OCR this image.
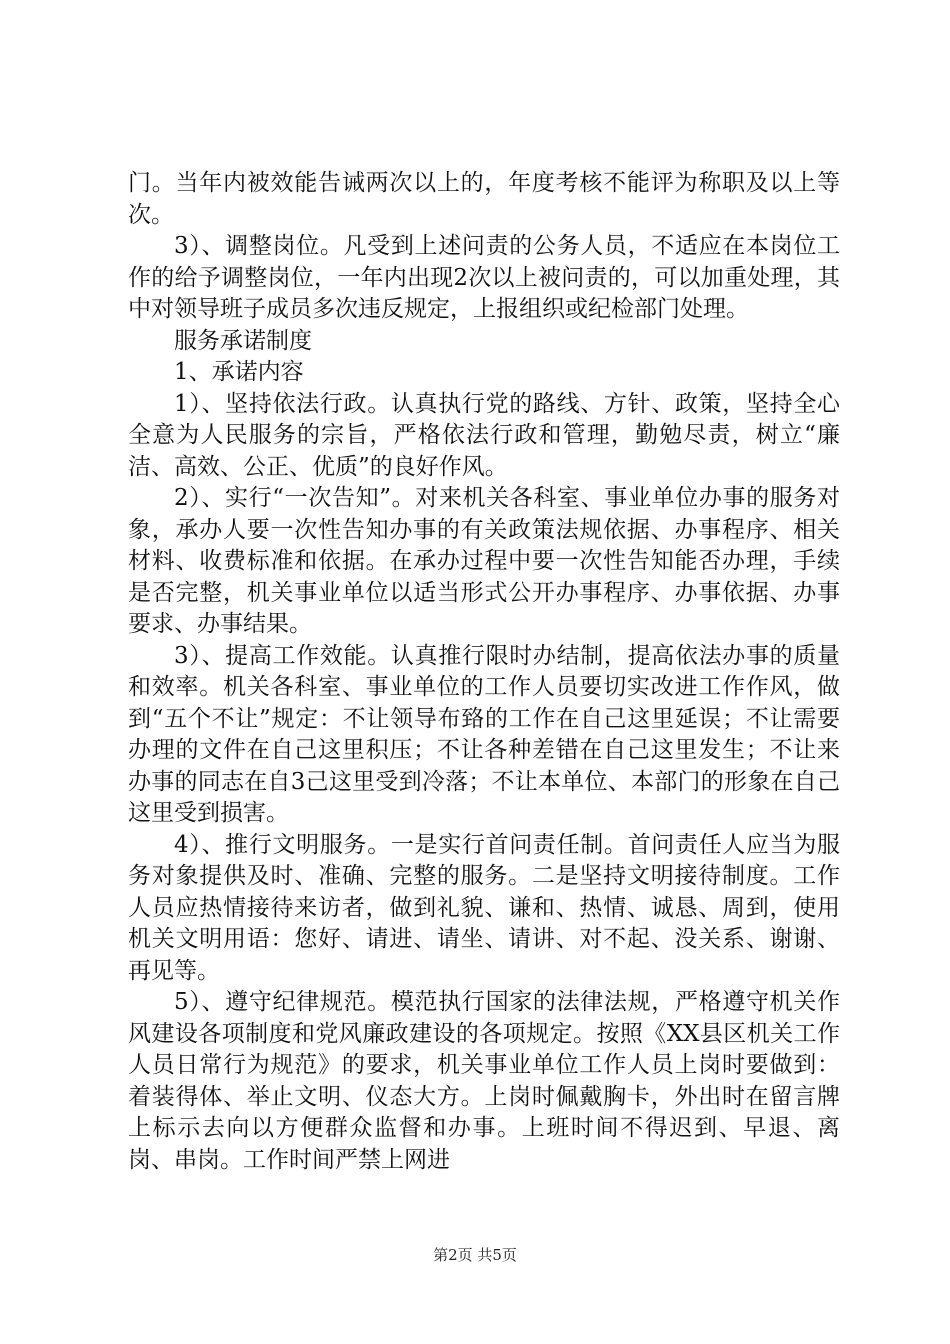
门。当年内被效能告诫两次以上的，年度考核不能评为称职及以上等次。

3）、调整岗位。凡受到上述问责的公务人员，不适应在本岗位工作的给予调整岗位，一年内出现2次以上被问责的，可以加重处理，其中对领导班子成员多次违反规定，上报组织或纪检部门处理。

服务承诺制度

1、承诺内容

1）、坚持依法行政。认真执行党的路线、方针、政策，坚持全心全意为人民服务的宗旨，严格依法行政和管理，勤勉尽责，树立“廉洁、高效、公正、优质”的良好作风。

2）、实行“一次告知”。对来机关各科室、事业单位办事的服务对象，承办人要一次性告知办事的有关政策法规依据、办事程序、相关材料、收费标准和依据。在承办过程中要一次性告知能否办理，手续是否完整，机关事业单位以适当形式公开办事程序、办事依据、办事要求、办事结果。

3）、提高工作效能。认真推行限时办结制，提高依法办事的质量和效率。机关各科室、事业单位的工作人员要切实改进工作作风，做到“五个不让”规定：不让领导布臵的工作在自己这里延误；不让需要办理的文件在自己这里积压；不让各种差错在自己这里发生；不让来办事的同志在自3己这里受到冷落；不让本单位、本部门的形象在自己这里受到损害。

4）、推行文明服务。一是实行首问责任制。首问责任人应当为服务对象提供及时、准确、完整的服务。二是坚持文明接待制度。工作人员应热情接待来访者，做到礼貌、谦和、热情、诚恳、周到，使用机关文明用语：您好、请进、请坐、请讲、对不起、没关系、谢谢、再见等。

5）、遵守纪律规范。模范执行国家的法律法规，严格遵守机关作风建设各项制度和党风廉政建设的各项规定。按照《XX县区机关工作人员日常行为规范》的要求，机关事业单位工作人员上岗时要做到：着装得体、举止文明、仪态大方。上岗时佩戴胸卡，外出时在留言牌上标示去向以方便群众监督和办事。上班时间不得迟到、早退、离岗、串岗。工作时间严禁上网进

第2页 共5页
